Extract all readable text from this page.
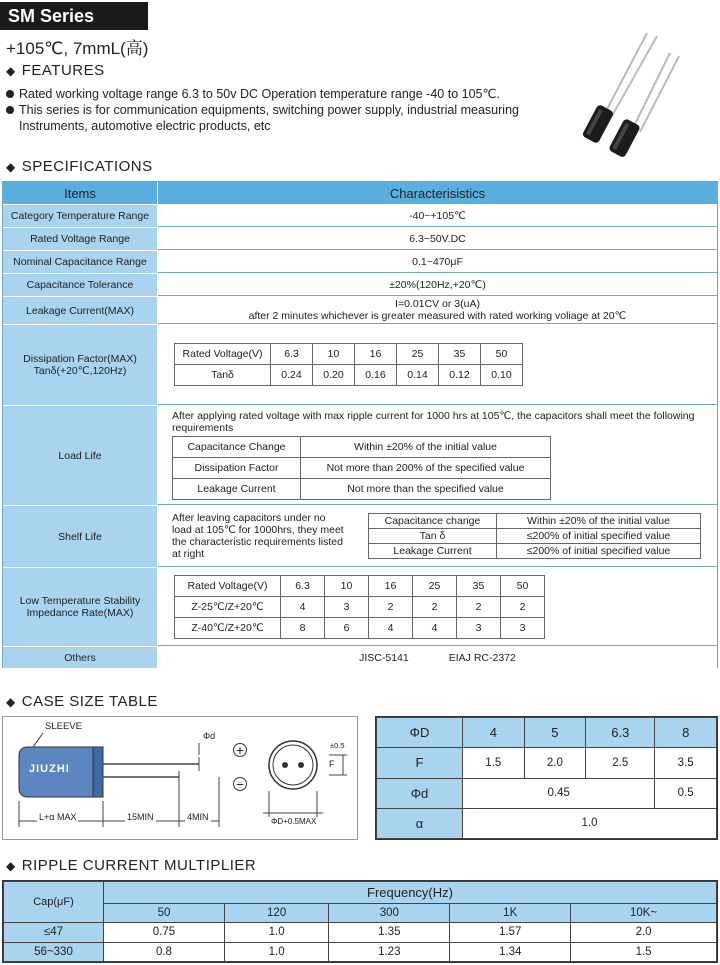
SM Series
+105℃, 7mmL(高)
◆ FEATURES
Rated working voltage range 6.3 to 50v DC Operation temperature range -40 to 105℃.
This series is for communication equipments, switching power supply, industrial measuring
Instruments, automotive electric products, etc
◆ SPECIFICATIONS
Items	Characterisistics
Category Temperature Range	-40~+105℃
Rated Voltage Range	6.3~50V.DC
Nominal Capacitance Range	0.1~470μF
Capacitance Tolerance	±20%(120Hz,+20℃)
Leakage Current(MAX)
I=0.01CV or 3(uA)
after 2 minutes whichever is greater measured with rated working voliage at 20℃
Dissipation Factor(MAX)
Tanδ(+20℃,120Hz)
Rated Voltage(V)	6.3	10	16	25	35	50
Tanδ	0.24	0.20	0.16	0.14	0.12	0.10
Load Life
After applying rated voltage with max ripple current for 1000 hrs at 105℃, the capacitors shall meet the following
requirements
Capacitance Change	Within ±20% of the initial value
Dissipation Factor	Not more than 200% of the specified value
Leakage Current	Not more than the specified value
Shelf Life
After leaving capacitors under no
load at 105℃ for 1000hrs, they meet
the characteristic requirements listed
at right
Capacitance change	Within ±20% of the initial value
Tan δ	≤200% of initial specified value
Leakage Current	≤200% of initial specified value
Low Temperature Stability
Impedance Rate(MAX)
Rated Voltage(V)	6.3	10	16	25	35	50
Z-25℃/Z+20℃	4	3	2	2	2	2
Z-40℃/Z+20℃	8	6	4	4	3	3
Others	JISC-5141	EIAJ RC-2372
◆ CASE SIZE TABLE
SLEEVE
JIUZHI
Φd
+
−
L+α MAX	15MIN	4MIN	ΦD+0.5MAX
F
±0.5
ΦD	4	5	6.3	8
F	1.5	2.0	2.5	3.5
Φd	0.45			0.5
α	1.0			
◆ RIPPLE CURRENT MULTIPLIER
Cap(μF)	Frequency(Hz)				
	50	120	300	1K	10K~
≤47	0.75	1.0	1.35	1.57	2.0
56~330	0.8	1.0	1.23	1.34	1.5
